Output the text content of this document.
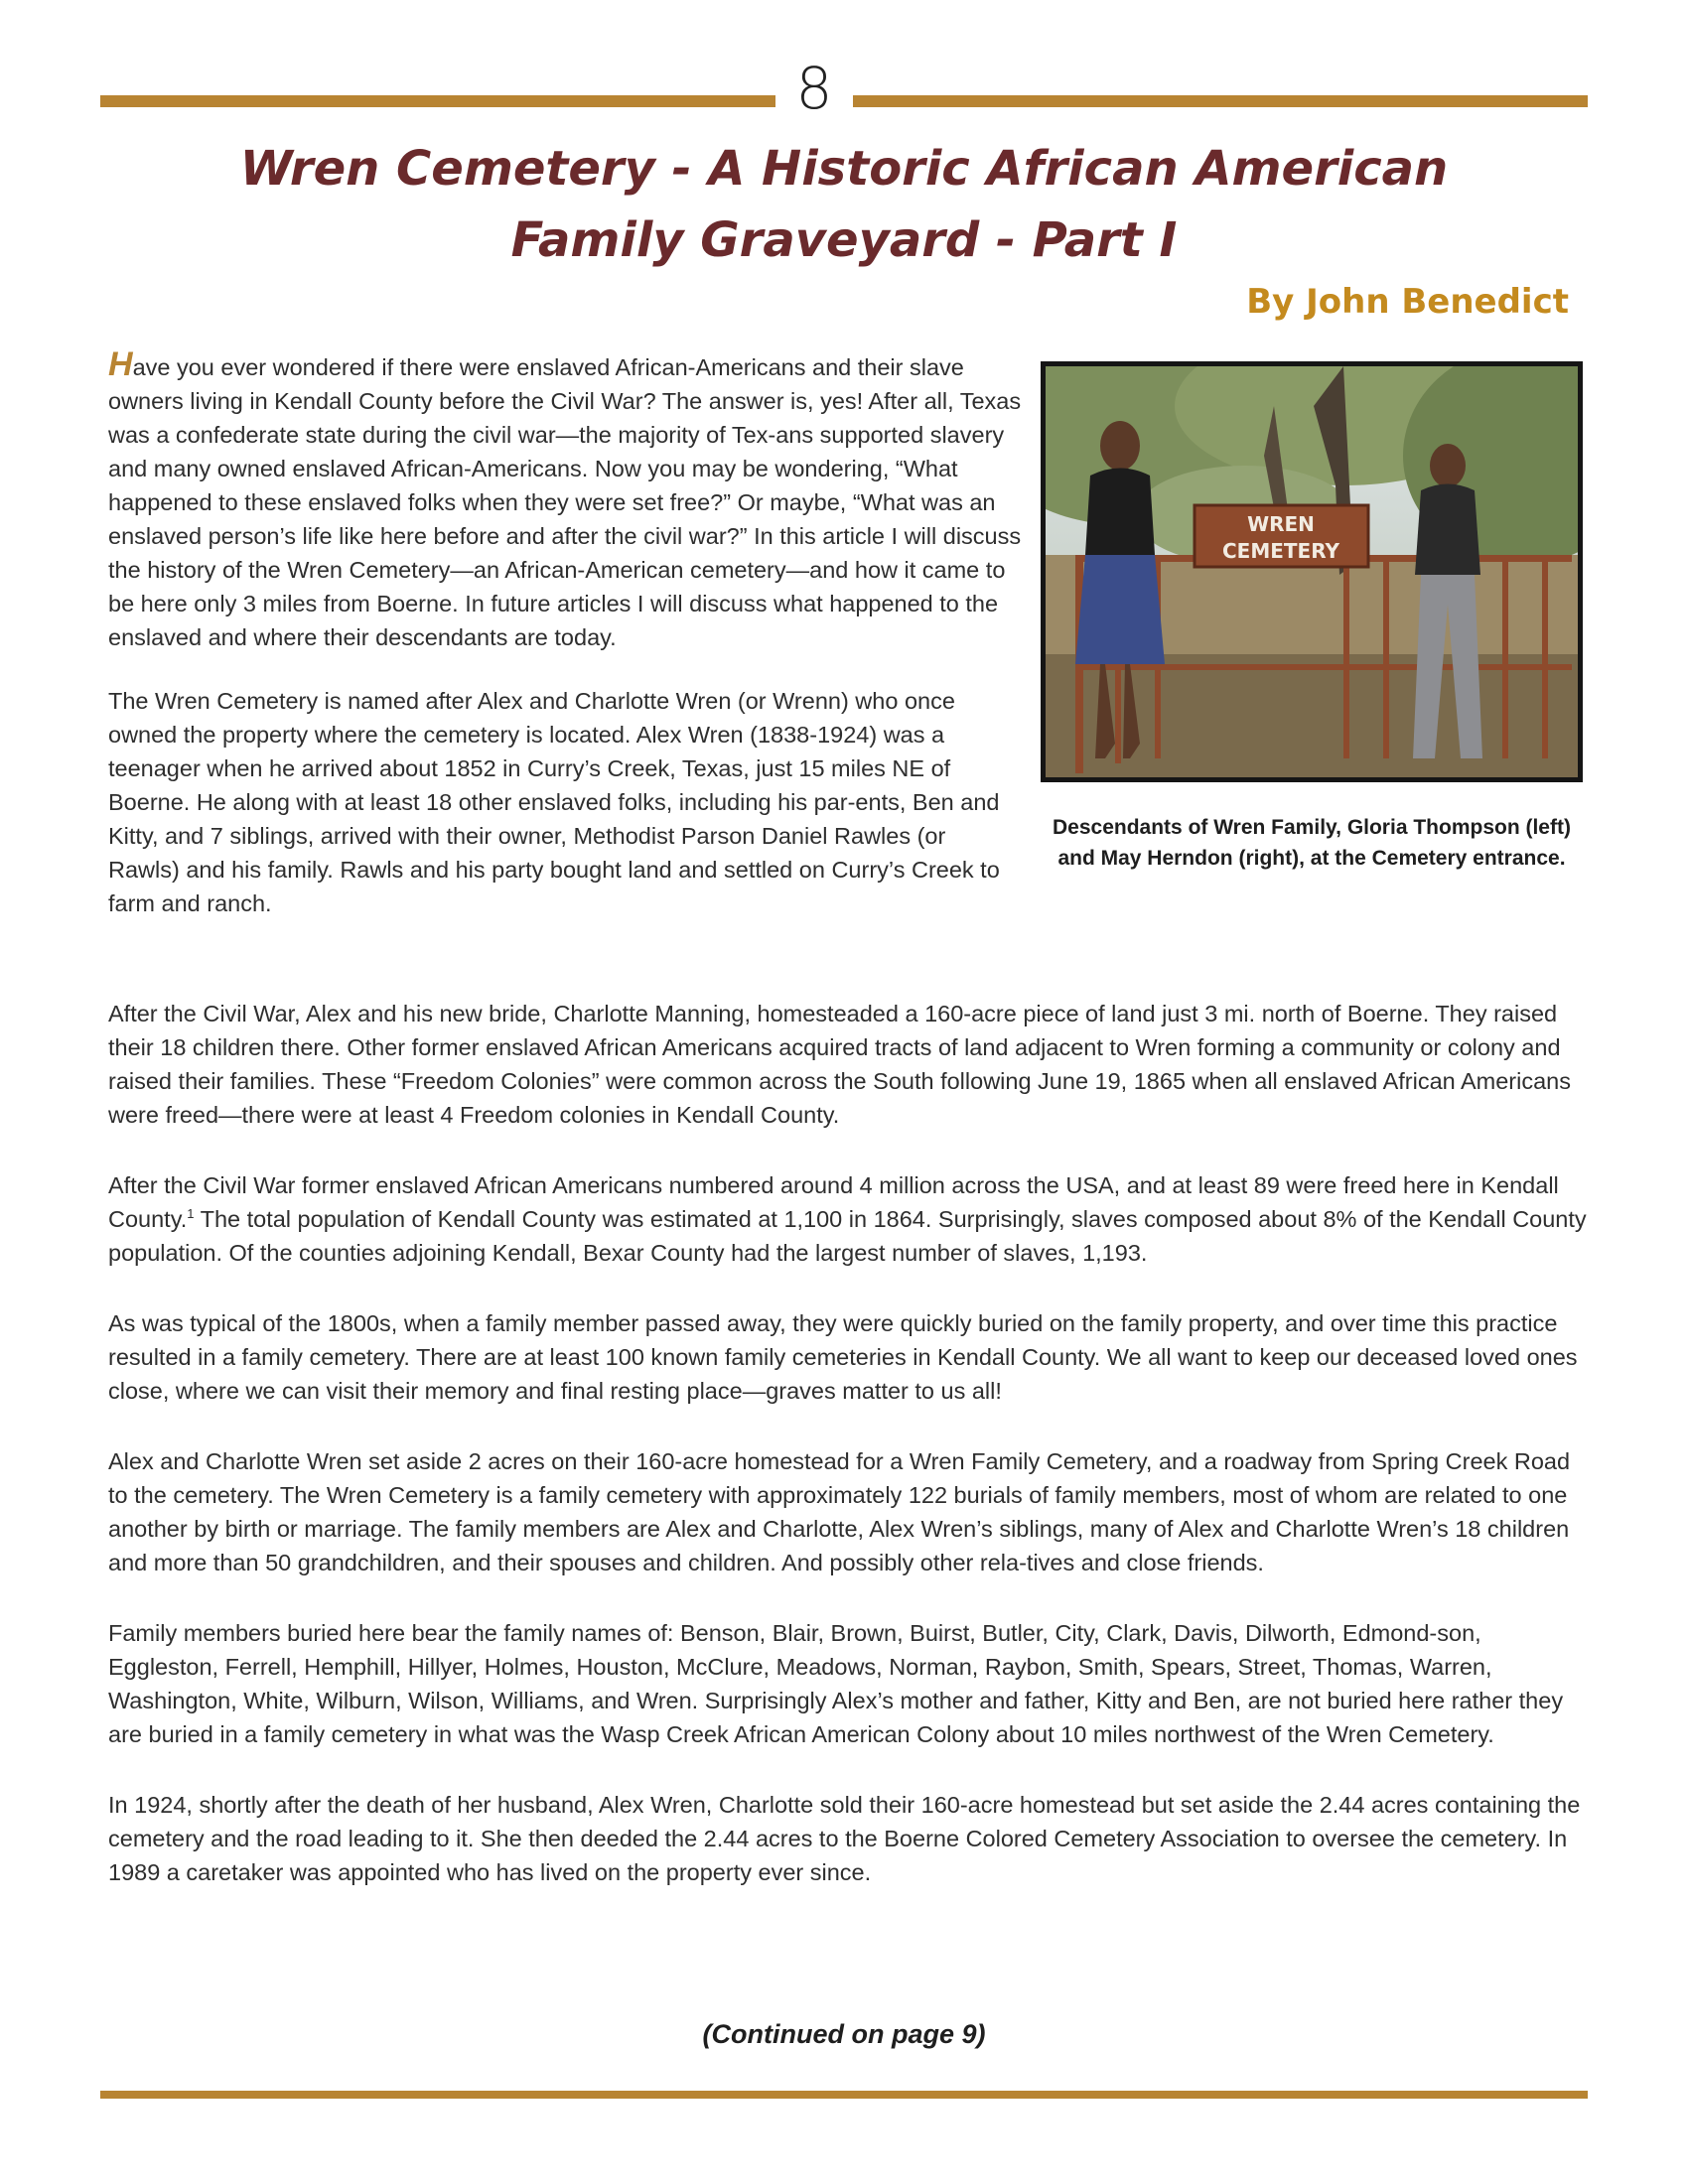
8
Wren Cemetery - A Historic African American
Family Graveyard - Part I
By John Benedict

Have you ever wondered if there were enslaved African-Americans and their slave owners living in Kendall County before the Civil War? The answer is, yes! After all, Texas was a confederate state during the civil war—the majority of Tex-ans supported slavery and many owned enslaved African-Americans. Now you may be wondering, “What happened to these enslaved folks when they were set free?” Or maybe, “What was an enslaved person’s life like here before and after the civil war?” In this article I will discuss the history of the Wren Cemetery—an African-American cemetery—and how it came to be here only 3 miles from Boerne. In future articles I will discuss what happened to the enslaved and where their descendants are today.

The Wren Cemetery is named after Alex and Charlotte Wren (or Wrenn) who once owned the property where the cemetery is located. Alex Wren (1838-1924) was a teenager when he arrived about 1852 in Curry’s Creek, Texas, just 15 miles NE of Boerne. He along with at least 18 other enslaved folks, including his par-ents, Ben and Kitty, and 7 siblings, arrived with their owner, Methodist Parson Daniel Rawles (or Rawls) and his family. Rawls and his party bought land and settled on Curry’s Creek to farm and ranch.

WREN
CEMETERY
Descendants of Wren Family, Gloria Thompson (left) and May Herndon (right), at the Cemetery entrance.

After the Civil War, Alex and his new bride, Charlotte Manning, homesteaded a 160-acre piece of land just 3 mi. north of Boerne. They raised their 18 children there. Other former enslaved African Americans acquired tracts of land adjacent to Wren forming a community or colony and raised their families. These “Freedom Colonies” were common across the South following June 19, 1865 when all enslaved African Americans were freed—there were at least 4 Freedom colonies in Kendall County.

After the Civil War former enslaved African Americans numbered around 4 million across the USA, and at least 89 were freed here in Kendall County.$^1$ The total population of Kendall County was estimated at 1,100 in 1864. Surprisingly, slaves composed about 8% of the Kendall County population. Of the counties adjoining Kendall, Bexar County had the largest number of slaves, 1,193.

As was typical of the 1800s, when a family member passed away, they were quickly buried on the family property, and over time this practice resulted in a family cemetery. There are at least 100 known family cemeteries in Kendall County. We all want to keep our deceased loved ones close, where we can visit their memory and final resting place—graves matter to us all!

Alex and Charlotte Wren set aside 2 acres on their 160-acre homestead for a Wren Family Cemetery, and a roadway from Spring Creek Road to the cemetery. The Wren Cemetery is a family cemetery with approximately 122 burials of family members, most of whom are related to one another by birth or marriage. The family members are Alex and Charlotte, Alex Wren’s siblings, many of Alex and Charlotte Wren’s 18 children and more than 50 grandchildren, and their spouses and children. And possibly other rela-tives and close friends.

Family members buried here bear the family names of: Benson, Blair, Brown, Buirst, Butler, City, Clark, Davis, Dilworth, Edmond-son, Eggleston, Ferrell, Hemphill, Hillyer, Holmes, Houston, McClure, Meadows, Norman, Raybon, Smith, Spears, Street, Thomas, Warren, Washington, White, Wilburn, Wilson, Williams, and Wren. Surprisingly Alex’s mother and father, Kitty and Ben, are not buried here rather they are buried in a family cemetery in what was the Wasp Creek African American Colony about 10 miles northwest of the Wren Cemetery.

In 1924, shortly after the death of her husband, Alex Wren, Charlotte sold their 160-acre homestead but set aside the 2.44 acres containing the cemetery and the road leading to it. She then deeded the 2.44 acres to the Boerne Colored Cemetery Association to oversee the cemetery. In 1989 a caretaker was appointed who has lived on the property ever since.

(Continued on page 9)
